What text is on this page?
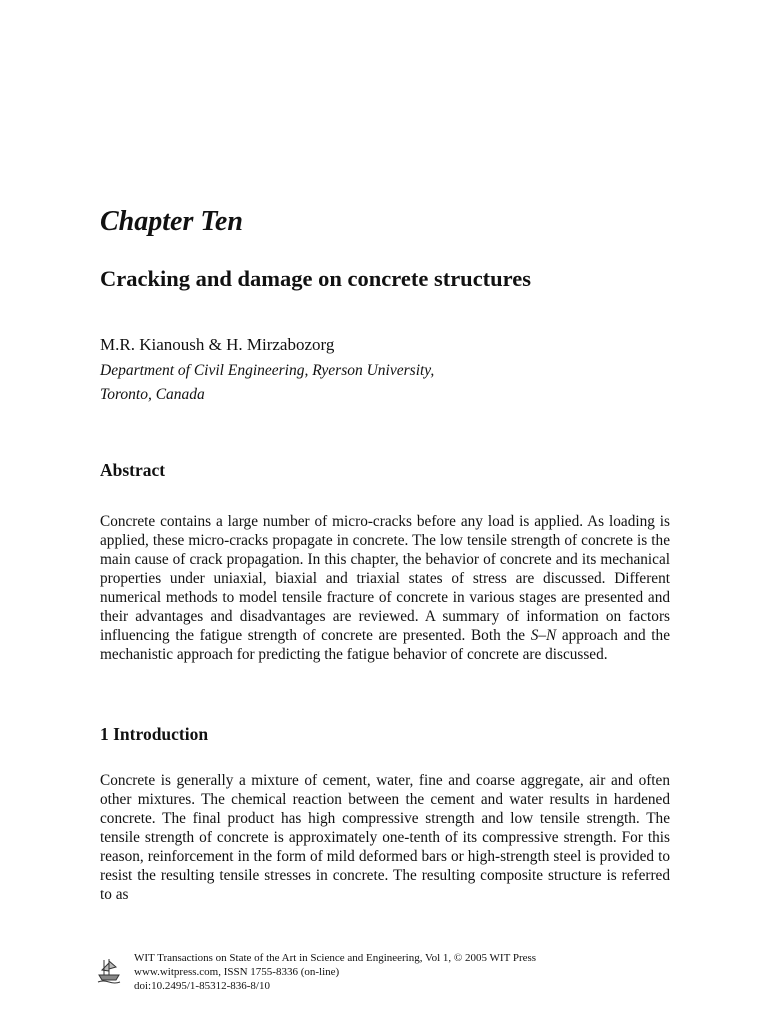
Chapter Ten
Cracking and damage on concrete structures

M.R. Kianoush & H. Mirzabozorg

Department of Civil Engineering, Ryerson University,
Toronto, Canada

Abstract

Concrete contains a large number of micro-cracks before any load is applied. As loading is applied, these micro-cracks propagate in concrete. The low tensile strength of concrete is the main cause of crack propagation. In this chapter, the behavior of concrete and its mechanical properties under uniaxial, biaxial and triaxial states of stress are discussed. Different numerical methods to model tensile fracture of concrete in various stages are presented and their advantages and disadvantages are reviewed. A summary of information on factors influencing the fatigue strength of concrete are presented. Both the S–N approach and the mechanistic approach for predicting the fatigue behavior of concrete are discussed.

1 Introduction

Concrete is generally a mixture of cement, water, fine and coarse aggregate, air and often other mixtures. The chemical reaction between the cement and water results in hardened concrete. The final product has high compressive strength and low tensile strength. The tensile strength of concrete is approximately one-tenth of its compressive strength. For this reason, reinforcement in the form of mild deformed bars or high-strength steel is provided to resist the resulting tensile stresses in concrete. The resulting composite structure is referred to as

WIT Transactions on State of the Art in Science and Engineering, Vol 1, © 2005 WIT Press
www.witpress.com, ISSN 1755-8336 (on-line)
doi:10.2495/1-85312-836-8/10
